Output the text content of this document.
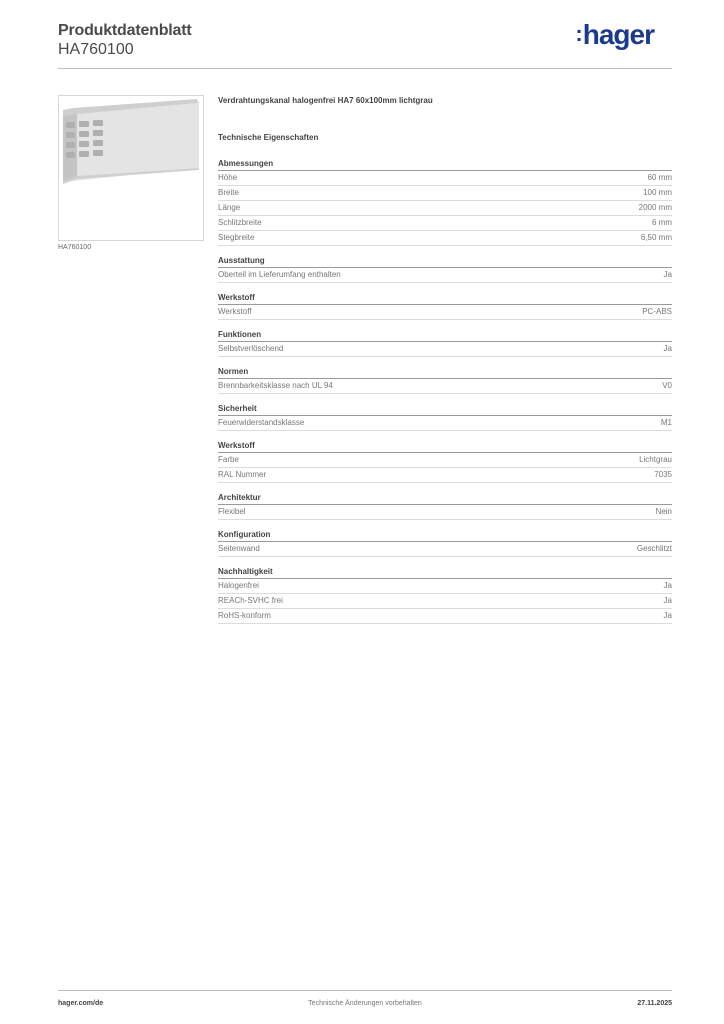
Produktdatenblatt
HA760100
:hager
HA760100
Verdrahtungskanal halogenfrei HA7 60x100mm lichtgrau
Technische Eigenschaften
Abmessungen
Höhe	60 mm
Breite	100 mm
Länge	2000 mm
Schlitzbreite	6 mm
Stegbreite	6,50 mm
Ausstattung
Oberteil im Lieferumfang enthalten	Ja
Werkstoff
Werkstoff	PC-ABS
Funktionen
Selbstverlöschend	Ja
Normen
Brennbarkeitsklasse nach UL 94	V0
Sicherheit
Feuerwiderstandsklasse	M1
Werkstoff
Farbe	Lichtgrau
RAL Nummer	7035
Architektur
Flexibel	Nein
Konfiguration
Seitenwand	Geschlitzt
Nachhaltigkeit
Halogenfrei	Ja
REACh-SVHC frei	Ja
RoHS-konform	Ja
hager.com/de	Technische Änderungen vorbehalten	27.11.2025
